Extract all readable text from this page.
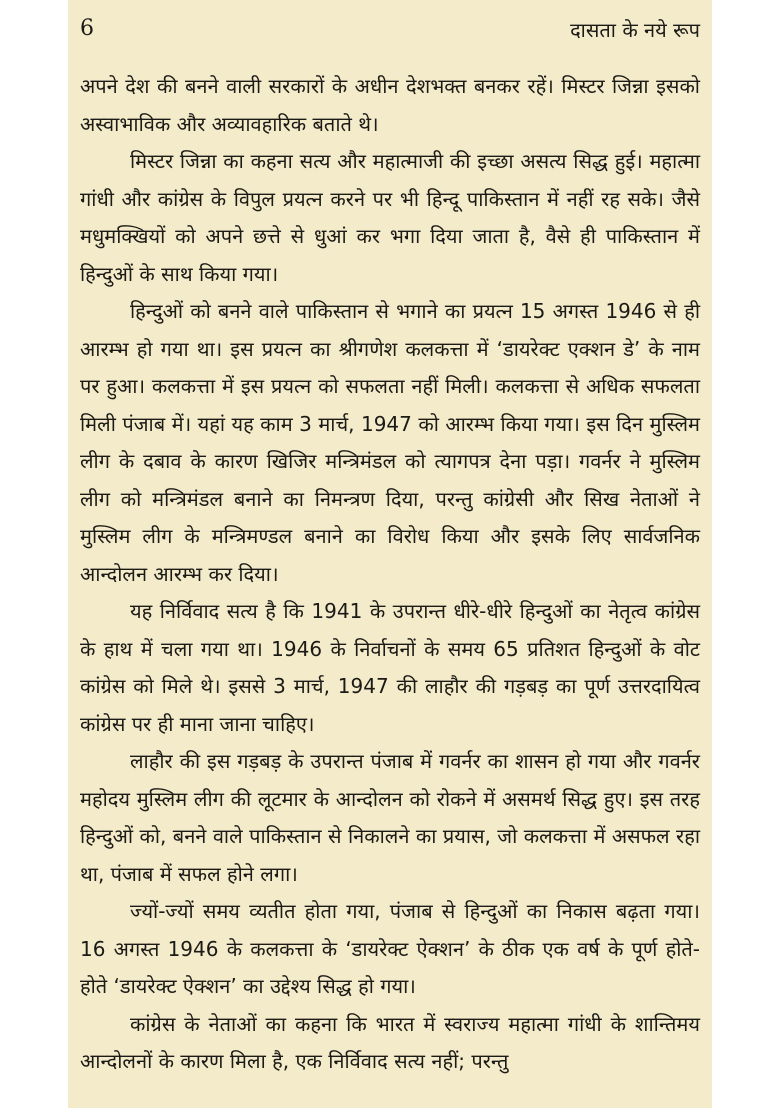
6	दासता के नये रूप

अपने देश की बनने वाली सरकारों के अधीन देशभक्त बनकर रहें। मिस्टर जिन्ना इसको अस्वाभाविक और अव्यावहारिक बताते थे।

मिस्टर जिन्ना का कहना सत्य और महात्माजी की इच्छा असत्य सिद्ध हुई। महात्मा गांधी और कांग्रेस के विपुल प्रयत्न करने पर भी हिन्दू पाकिस्तान में नहीं रह सके। जैसे मधुमक्खियों को अपने छत्ते से धुआं कर भगा दिया जाता है, वैसे ही पाकिस्तान में हिन्दुओं के साथ किया गया।

हिन्दुओं को बनने वाले पाकिस्तान से भगाने का प्रयत्न 15 अगस्त 1946 से ही आरम्भ हो गया था। इस प्रयत्न का श्रीगणेश कलकत्ता में ‘डायरेक्ट एक्शन डे’ के नाम पर हुआ। कलकत्ता में इस प्रयत्न को सफलता नहीं मिली। कलकत्ता से अधिक सफलता मिली पंजाब में। यहां यह काम 3 मार्च, 1947 को आरम्भ किया गया। इस दिन मुस्लिम लीग के दबाव के कारण खिजिर मन्त्रिमंडल को त्यागपत्र देना पड़ा। गवर्नर ने मुस्लिम लीग को मन्त्रिमंडल बनाने का निमन्त्रण दिया, परन्तु कांग्रेसी और सिख नेताओं ने मुस्लिम लीग के मन्त्रिमण्डल बनाने का विरोध किया और इसके लिए सार्वजनिक आन्दोलन आरम्भ कर दिया।

यह निर्विवाद सत्य है कि 1941 के उपरान्त धीरे-धीरे हिन्दुओं का नेतृत्व कांग्रेस के हाथ में चला गया था। 1946 के निर्वाचनों के समय 65 प्रतिशत हिन्दुओं के वोट कांग्रेस को मिले थे। इससे 3 मार्च, 1947 की लाहौर की गड़बड़ का पूर्ण उत्तरदायित्व कांग्रेस पर ही माना जाना चाहिए।

लाहौर की इस गड़बड़ के उपरान्त पंजाब में गवर्नर का शासन हो गया और गवर्नर महोदय मुस्लिम लीग की लूटमार के आन्दोलन को रोकने में असमर्थ सिद्ध हुए। इस तरह हिन्दुओं को, बनने वाले पाकिस्तान से निकालने का प्रयास, जो कलकत्ता में असफल रहा था, पंजाब में सफल होने लगा।

ज्यों-ज्यों समय व्यतीत होता गया, पंजाब से हिन्दुओं का निकास बढ़ता गया। 16 अगस्त 1946 के कलकत्ता के ‘डायरेक्ट ऐक्शन’ के ठीक एक वर्ष के पूर्ण होते-होते ‘डायरेक्ट ऐक्शन’ का उद्देश्य सिद्ध हो गया।

कांग्रेस के नेताओं का कहना कि भारत में स्वराज्य महात्मा गांधी के शान्तिमय आन्दोलनों के कारण मिला है, एक निर्विवाद सत्य नहीं; परन्तु
